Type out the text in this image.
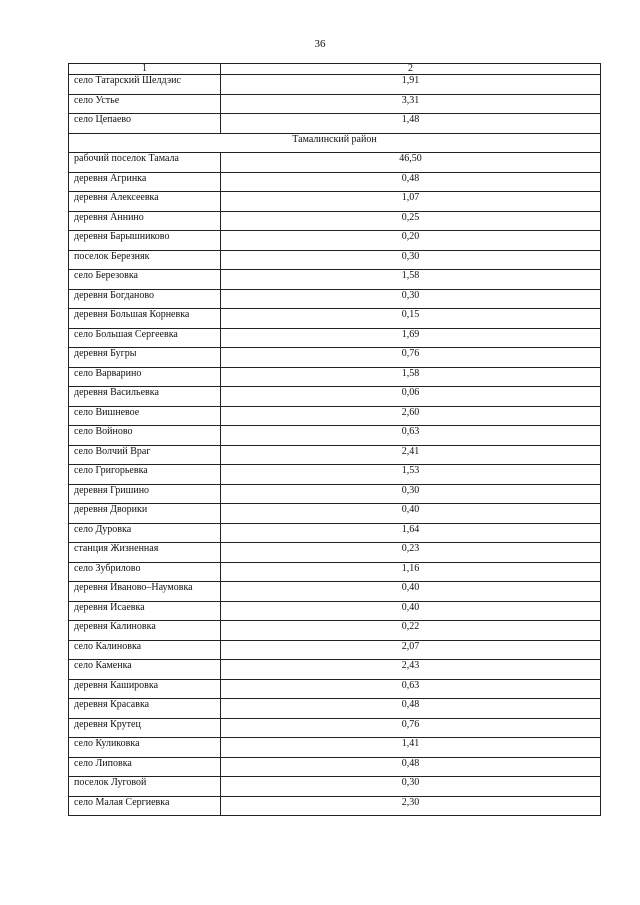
36
1	2
село Татарский Шелдэис	1,91
село Устье	3,31
село Цепаево	1,48
Тамалинский район	
рабочий поселок Тамала	46,50
деревня Агринка	0,48
деревня Алексеевка	1,07
деревня Аннино	0,25
деревня Барышниково	0,20
поселок Березняк	0,30
село Березовка	1,58
деревня Богданово	0,30
деревня Большая Корневка	0,15
село Большая Сергеевка	1,69
деревня Бугры	0,76
село Варварино	1,58
деревня Васильевка	0,06
село Вишневое	2,60
село Войново	0,63
село Волчий Враг	2,41
село Григорьевка	1,53
деревня Гришино	0,30
деревня Дворики	0,40
село Дуровка	1,64
станция Жизненная	0,23
село Зубрилово	1,16
деревня Иваново–Наумовка	0,40
деревня Исаевка	0,40
деревня Калиновка	0,22
село Калиновка	2,07
село Каменка	2,43
деревня Кашировка	0,63
деревня Красавка	0,48
деревня Крутец	0,76
село Куликовка	1,41
село Липовка	0,48
поселок Луговой	0,30
село Малая Сергиевка	2,30
